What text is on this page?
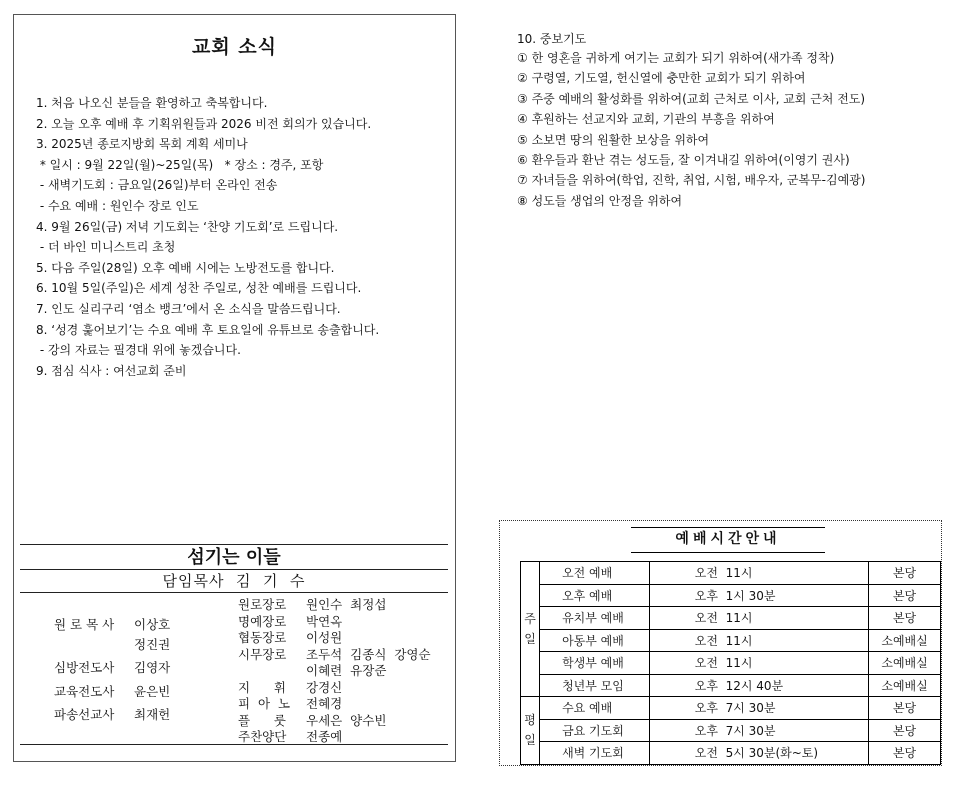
교회 소식
1. 처음 나오신 분들을 환영하고 축복합니다.
2. 오늘 오후 예배 후 기획위원들과 2026 비전 회의가 있습니다.
3. 2025년 종로지방회 목회 계획 세미나
* 일시 : 9월 22일(월)~25일(목)   * 장소 : 경주, 포항
- 새벽기도회 : 금요일(26일)부터 온라인 전송
- 수요 예배 : 원인수 장로 인도
4. 9월 26일(금) 저녁 기도회는 ‘찬양 기도회’로 드립니다.
- 더 바인 미니스트리 초청
5. 다음 주일(28일) 오후 예배 시에는 노방전도를 합니다.
6. 10월 5일(주일)은 세계 성찬 주일로, 성찬 예배를 드립니다.
7. 인도 실리구리 ‘염소 뱅크’에서 온 소식을 말씀드립니다.
8. ‘성경 훑어보기’는 수요 예배 후 토요일에 유튜브로 송출합니다.
- 강의 자료는 필경대 위에 놓겠습니다.
9. 점심 식사 : 여선교회 준비
섬기는 이들
담임목사  김  기  수
원 로 목 사 이상호
정진권
심방전도사 김영자
교육전도사 윤은빈
파송선교사 최재헌
원로장로 원인수  최정섭
명예장로 박연옥
협동장로 이성원
시무장로 조두석  김종식  강영순
이혜련  유장준
지      휘 강경신
피  아  노 전혜경
플      룻 우세은  양수빈
주찬양단 전종예
10. 중보기도
① 한 영혼을 귀하게 여기는 교회가 되기 위하여(새가족 정착)
② 구령열, 기도열, 헌신열에 충만한 교회가 되기 위하여
③ 주중 예배의 활성화를 위하여(교회 근처로 이사, 교회 근처 전도)
④ 후원하는 선교지와 교회, 기관의 부흥을 위하여
⑤ 소보면 땅의 원활한 보상을 위하여
⑥ 환우들과 환난 겪는 성도들, 잘 이겨내길 위하여(이영기 권사)
⑦ 자녀들을 위하여(학업, 진학, 취업, 시험, 배우자, 군복무-김예광)
⑧ 성도들 생업의 안정을 위하여
예배시간안내
주
일	오전 예배	오전  11시	본당
	오후 예배	오후  1시 30분	본당
	유치부 예배	오전  11시	본당
	아동부 예배	오전  11시	소예배실
	학생부 예배	오전  11시	소예배실
	청년부 모임	오후  12시 40분	소예배실
평
일	수요 예배	오후  7시 30분	본당
	금요 기도회	오후  7시 30분	본당
	새벽 기도회	오전  5시 30분(화~토)	본당
